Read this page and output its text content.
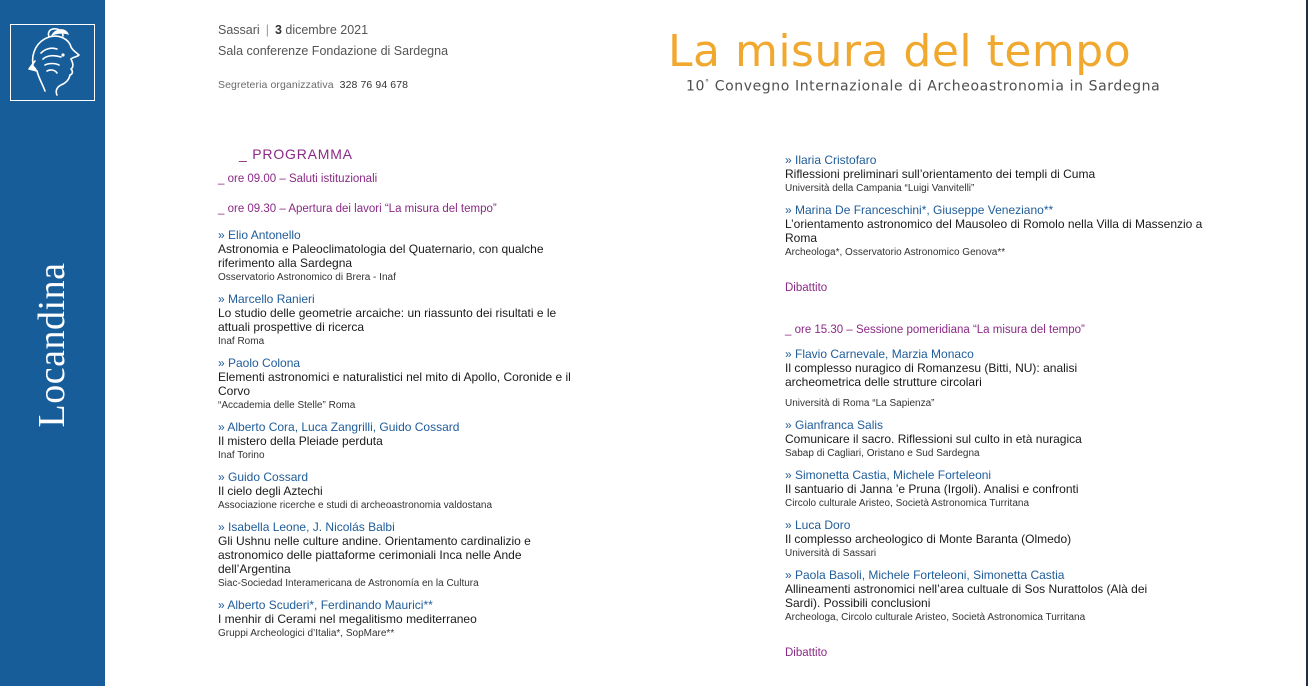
Locandina
Sassari | 3 dicembre 2021
Sala conferenze Fondazione di Sardegna
Segreteria organizzativa 328 76 94 678
La misura del tempo
10° Convegno Internazionale di Archeoastronomia in Sardegna
_ PROGRAMMA
_ ore 09.00 – Saluti istituzionali
_ ore 09.30 – Apertura dei lavori “La misura del tempo”
» Elio Antonello
Astronomia e Paleoclimatologia del Quaternario, con qualche riferimento alla Sardegna
Osservatorio Astronomico di Brera - Inaf
» Marcello Ranieri
Lo studio delle geometrie arcaiche: un riassunto dei risultati e le attuali prospettive di ricerca
Inaf Roma
» Paolo Colona
Elementi astronomici e naturalistici nel mito di Apollo, Coronide e il Corvo
“Accademia delle Stelle” Roma
» Alberto Cora, Luca Zangrilli, Guido Cossard
Il mistero della Pleiade perduta
Inaf Torino
» Guido Cossard
Il cielo degli Aztechi
Associazione ricerche e studi di archeoastronomia valdostana
» Isabella Leone, J. Nicolás Balbi
Gli Ushnu nelle culture andine. Orientamento cardinalizio e astronomico delle piattaforme cerimoniali Inca nelle Ande dell’Argentina
Siac-Sociedad Interamericana de Astronomía en la Cultura
» Alberto Scuderi*, Ferdinando Maurici**
I menhir di Cerami nel megalitismo mediterraneo
Gruppi Archeologici d’Italia*, SopMare**
» Ilaria Cristofaro
Riflessioni preliminari sull’orientamento dei templi di Cuma
Università della Campania “Luigi Vanvitelli”
» Marina De Franceschini*, Giuseppe Veneziano**
L’orientamento astronomico del Mausoleo di Romolo nella Villa di Massenzio a Roma
Archeologa*, Osservatorio Astronomico Genova**
Dibattito
_ ore 15.30 – Sessione pomeridiana “La misura del tempo”
» Flavio Carnevale, Marzia Monaco
Il complesso nuragico di Romanzesu (Bitti, NU): analisi archeometrica delle strutture circolari
Università di Roma “La Sapienza”
» Gianfranca Salis
Comunicare il sacro. Riflessioni sul culto in età nuragica
Sabap di Cagliari, Oristano e Sud Sardegna
» Simonetta Castia, Michele Forteleoni
Il santuario di Janna ’e Pruna (Irgoli). Analisi e confronti
Circolo culturale Aristeo, Società Astronomica Turritana
» Luca Doro
Il complesso archeologico di Monte Baranta (Olmedo)
Università di Sassari
» Paola Basoli, Michele Forteleoni, Simonetta Castia
Allineamenti astronomici nell’area cultuale di Sos Nurattolos (Alà dei Sardi). Possibili conclusioni
Archeologa, Circolo culturale Aristeo, Società Astronomica Turritana
Dibattito
